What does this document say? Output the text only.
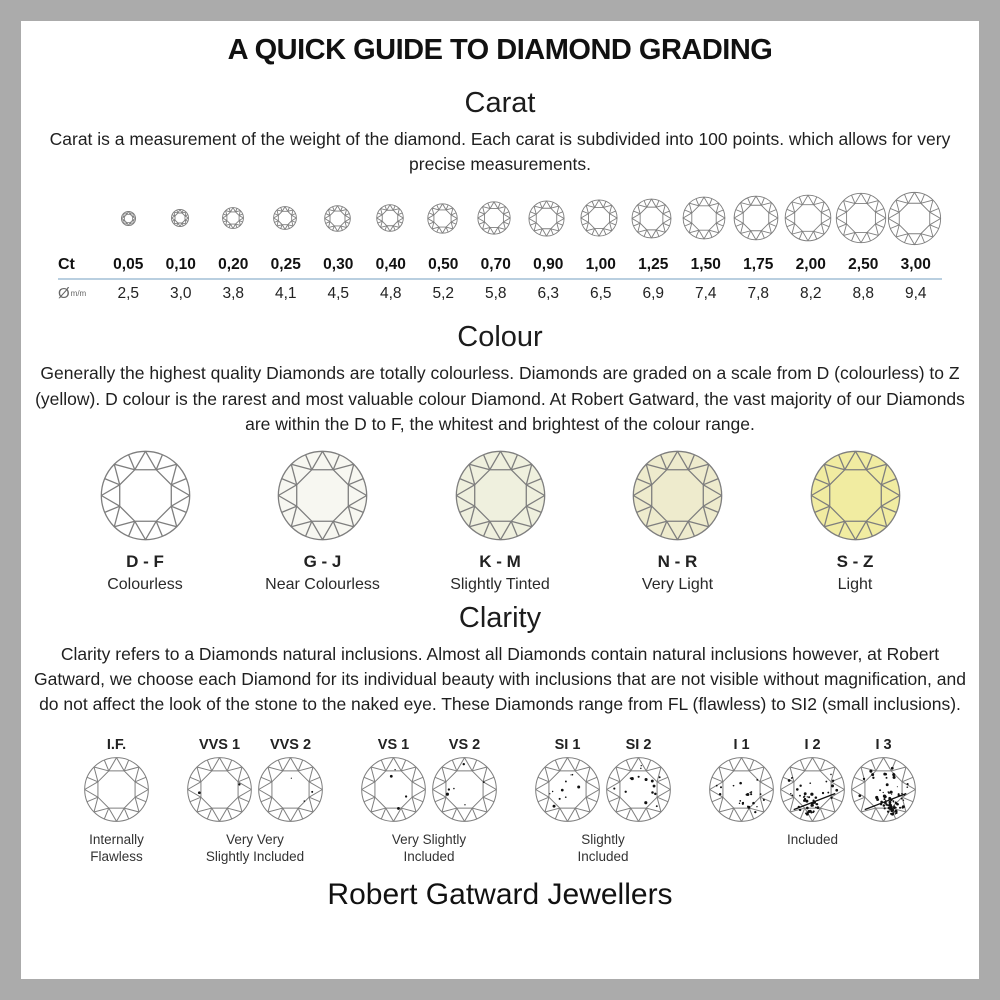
A QUICK GUIDE TO DIAMOND GRADING
Carat
Carat is a measurement of the weight of the diamond. Each carat is subdivided into 100 points. which allows for very precise measurements.
Ct	0,05	0,10	0,20	0,25	0,30	0,40	0,50	0,70	0,90	1,00	1,25	1,50	1,75	2,00	2,50	3,00
Ø m/m	2,5	3,0	3,8	4,1	4,5	4,8	5,2	5,8	6,3	6,5	6,9	7,4	7,8	8,2	8,8	9,4
Colour
Generally the highest quality Diamonds are totally colourless. Diamonds are graded on a scale from D (colourless) to Z (yellow). D colour is the rarest and most valuable colour Diamond. At Robert Gatward, the vast majority of our Diamonds are within the D to F, the whitest and brightest of the colour range.
D - F
Colourless
G - J
Near Colourless
K - M
Slightly Tinted
N - R
Very Light
S - Z
Light
Clarity
Clarity refers to a Diamonds natural inclusions. Almost all Diamonds contain natural inclusions however, at Robert Gatward, we choose each Diamond for its individual beauty with inclusions that are not visible without magnification, and do not affect the look of the stone to the naked eye. These Diamonds range from FL (flawless) to SI2 (small inclusions).
I.F.
Internally
Flawless
VVS 1	VVS 2
Very Very
Slightly Included
VS 1	VS 2
Very Slightly
Included
SI 1	SI 2
Slightly
Included
I 1	I 2	I 3
Included
Robert Gatward Jewellers
